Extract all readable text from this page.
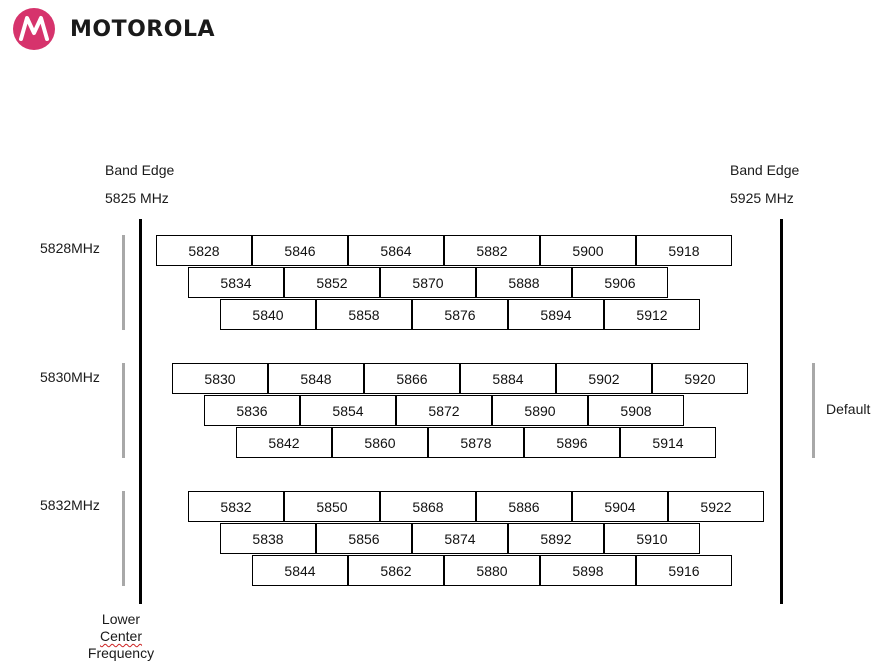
MOTOROLA
Band Edge
5825 MHz
Band Edge
5925 MHz
5828MHz
5830MHz
5832MHz
Default
Lower
Center
Frequency
5828	5846	5864	5882	5900	5918
5834	5852	5870	5888	5906
5840	5858	5876	5894	5912
5830	5848	5866	5884	5902	5920
5836	5854	5872	5890	5908
5842	5860	5878	5896	5914
5832	5850	5868	5886	5904	5922
5838	5856	5874	5892	5910
5844	5862	5880	5898	5916
